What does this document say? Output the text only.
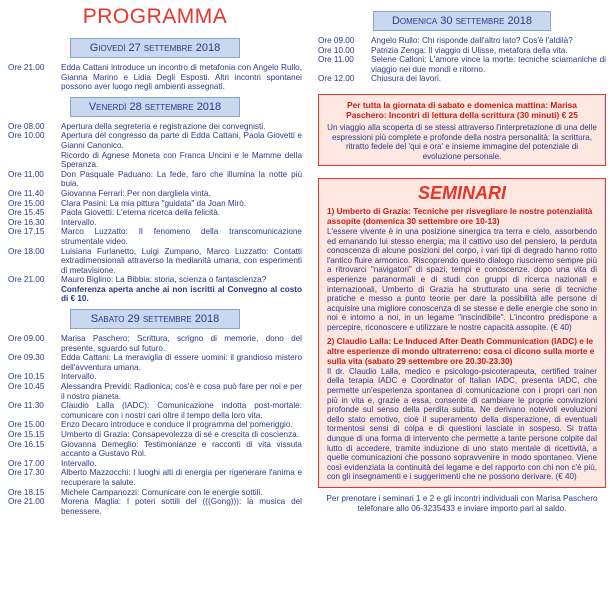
PROGRAMMA
Giovedì 27 settembre 2018
Ore 21.00	Edda Cattani introduce un incontro di metafonia con Angelo Rullo, Gianna Marino e Lidia Degli Esposti. Altri incontri spontanei possono aver luogo negli ambienti assegnati.
Venerdì 28 settembre 2018
Ore 08.00	Apertura della segreteria e registrazione dei convegnisti.
Ore 10.00	Apertura del congresso da parte di Edda Cattani, Paola Giovetti e Gianni Canonico.
Ricordo di Agnese Moneta con Franca Uncini e le Mamme della Speranza.
Ore 11.00	Don Pasquale Paduano: La fede, faro che illumina la notte più buia.
Ore 11.40	Giovanna Ferrari: Per non dargliela vinta.
Ore 15.00	Clara Pasini: La mia pittura "guidata" da Joan Mirò.
Ore 15.45	Paola Giovetti: L'eterna ricerca della felicità.
Ore 16.30	Intervallo.
Ore 17.15	Marco Luzzatto: Il fenomeno della transcomunicazione strumentale video.
Ore 18.00	Luisiana Furlanetto, Luigi Zumpano, Marco Luzzatto: Contatti extradimensionali attraverso la medianità umana, con esperimenti di metavisione.
Ore 21.00	Mauro Biglino: La Bibbia: storia, scienza o fantascienza?
Conferenza aperta anche ai non iscritti al Convegno al costo di € 10.
Sabato 29 settembre 2018
Ore 09.00	Marisa Paschero: Scrittura, scrigno di memorie, dono del presente, sguardo sul futuro.
Ore 09.30	Edda Cattani: La meraviglia di essere uomini: il grandioso mistero dell'avventura umana.
Ore 10.15	Intervallo.
Ore 10.45	Alessandra Previdi: Radionica; cos'è e cosa può fare per noi e per il nostro pianeta.
Ore 11.30	Claudio Lalla (IADC): Comunicazione indotta post-mortale: comunicare con i nostri cari oltre il tempo della loro vita.
Ore 15.00	Enzo Decaro introduce e conduce il programma del pomeriggio.
Ore 15.15	Umberto di Grazia: Consapevolezza di sé e crescita di coscienza.
Ore 16.15	Giovanna Demeglio: Testimonianze e racconti di vita vissuta accanto a Gustavo Rol.
Ore 17.00	Intervallo.
Ore 17.30	Alberto Mazzocchi: I luoghi alti di energia per rigenerare l'anima e recuperare la salute.
Ore 18.15	Michele Campanozzi: Comunicare con le energie sottili.
Ore 21.00	Morena Maglia: I poteri sottili del (((Gong))): la musica del benessere.
Domenica 30 settembre 2018
Ore 09.00	Angelo Rullo: Chi risponde dall'altro lato? Cos'è l'aldilà?
Ore 10.00	Patrizia Zenga: Il viaggio di Ulisse, metafora della vita.
Ore 11.00	Selene Calloni: L'amore vince la morte: tecniche sciamaniche di viaggio nei due mondi e ritorno.
Ore 12.00	Chiusura dei lavori.
Per tutta la giornata di sabato e domenica mattina: Marisa Paschero: Incontri di lettura della scrittura (30 minuti) € 25
Un viaggio alla scoperta di se stessi attraverso l'interpretazione di una delle espressioni più complete e profonde della nostra personalità: la scrittura, ritratto fedele del 'qui e ora' e insieme immagine del potenziale di evoluzione personale.
SEMINARI
1) Umberto di Grazia: Tecniche per risvegliare le nostre potenzialità assopite (domenica 30 settembre ore 10-13)
L'essere vivente è in una posizione sinergica tra terra e cielo, assorbendo ed emanando lui stesso energia; ma il cattivo uso del pensiero, la perduta conoscenza di alcune posizioni del corpo, i vari tipi di degrado hanno rotto l'antico fluire armonico. Riscoprendo questo dialogo riusciremo sempre più a ritrovarci "navigatori" di spazi, tempi e conoscenze. dopo una vita di esperienze paranormali e di studi con gruppi di ricerca nazionali e internazionali, Umberto di Grazia ha strutturato una serie di tecniche pratiche e messo a punto teorie per dare la possibilità alle persone di acquisire una migliore conoscenza di se stesse e delle energie che sono in noi e intorno a noi, in un legame "inscindibile". L'incontro predispone a percepire, riconoscere e utilizzare le nostre capacità assopite. (€ 40)
2) Claudio Lalla: Le Induced After Death Communication (IADC) e le altre esperienze di mondo ultraterreno: cosa ci dicono sulla morte e sulla vita (sabato 29 settembre ore 20.30-23.30)
Il dr. Claudio Lalla, medico e psicologo-psicoterapeuta, certified trainer della terapia IADC e Coordinator of Italian IADC, presenta IADC, che permette un'esperienza spontanea di comunicazione con i propri cari non più in vita e, grazie a essa, consente di cambiare le proprie convinzioni profonde sul senso della perdita subita. Ne derivano notevoli evoluzioni dello stato emotivo, cioè il superamento della disperazione, di eventuali tormentosi sensi di colpa e di questioni lasciate in sospeso. Si tratta dunque di una forma di intervento che permette a tante persone colpite dal lutto di accedere, tramite induzione di uno stato mentale di ricettività, a quelle comunicazioni che possono sopravvenire in modo spontaneo. Viene così evidenziata la continuità del legame e del rapporto con chi non c'è più, con gli insegnamenti e i suggerimenti che ne possono derivare. (€ 40)
Per prenotare i seminari 1 e 2 e gli incontri individuali con Marisa Paschero telefonare allo 06-3235433 e inviare importo pari al saldo.
